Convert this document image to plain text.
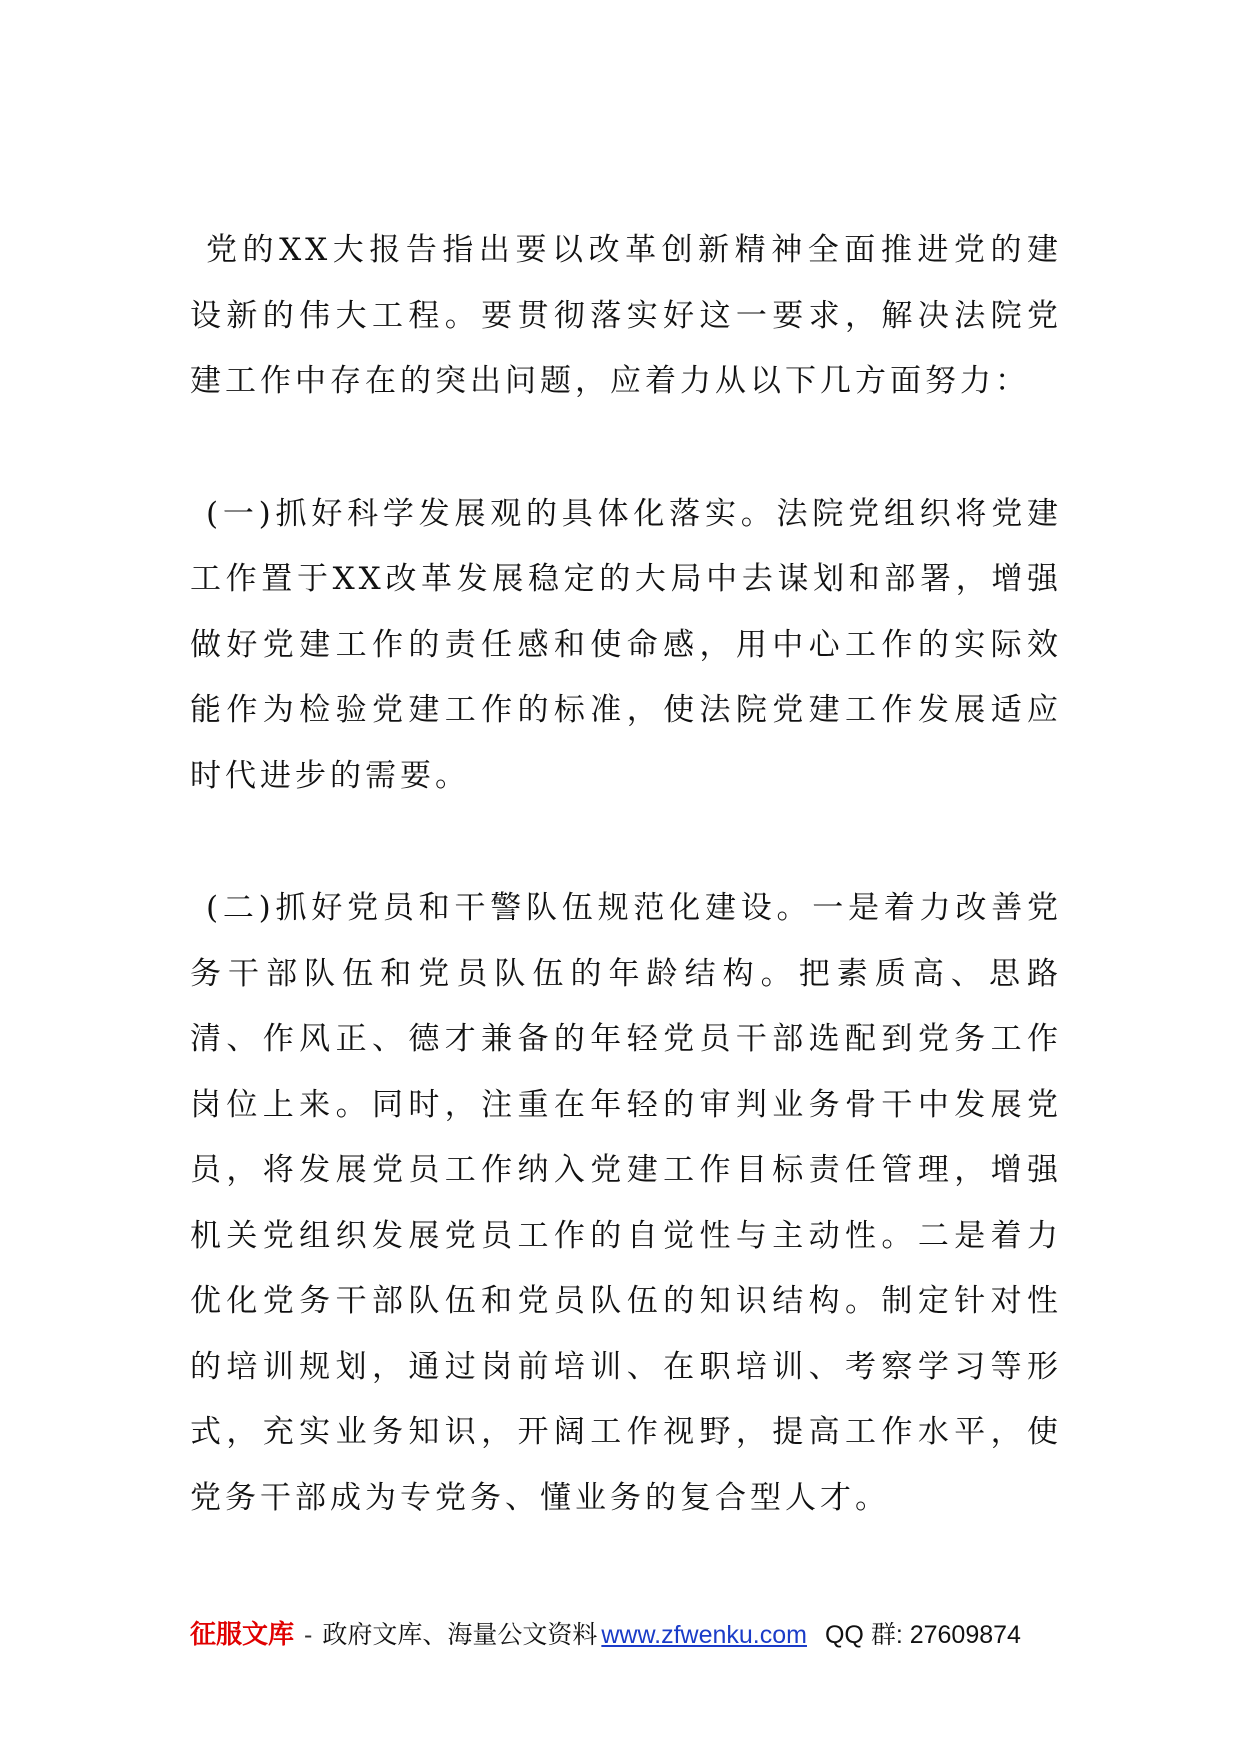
党的XX大报告指出要以改革创新精神全面推进党的建设新的伟大工程。要贯彻落实好这一要求，解决法院党建工作中存在的突出问题，应着力从以下几方面努力：

(一)抓好科学发展观的具体化落实。法院党组织将党建工作置于XX改革发展稳定的大局中去谋划和部署，增强做好党建工作的责任感和使命感，用中心工作的实际效能作为检验党建工作的标准，使法院党建工作发展适应时代进步的需要。

(二)抓好党员和干警队伍规范化建设。一是着力改善党务干部队伍和党员队伍的年龄结构。把素质高、思路清、作风正、德才兼备的年轻党员干部选配到党务工作岗位上来。同时，注重在年轻的审判业务骨干中发展党员，将发展党员工作纳入党建工作目标责任管理，增强机关党组织发展党员工作的自觉性与主动性。二是着力优化党务干部队伍和党员队伍的知识结构。制定针对性的培训规划，通过岗前培训、在职培训、考察学习等形式，充实业务知识，开阔工作视野，提高工作水平，使党务干部成为专党务、懂业务的复合型人才。

征服文库 - 政府文库、海量公文资料 www.zfwenku.com QQ 群: 27609874
